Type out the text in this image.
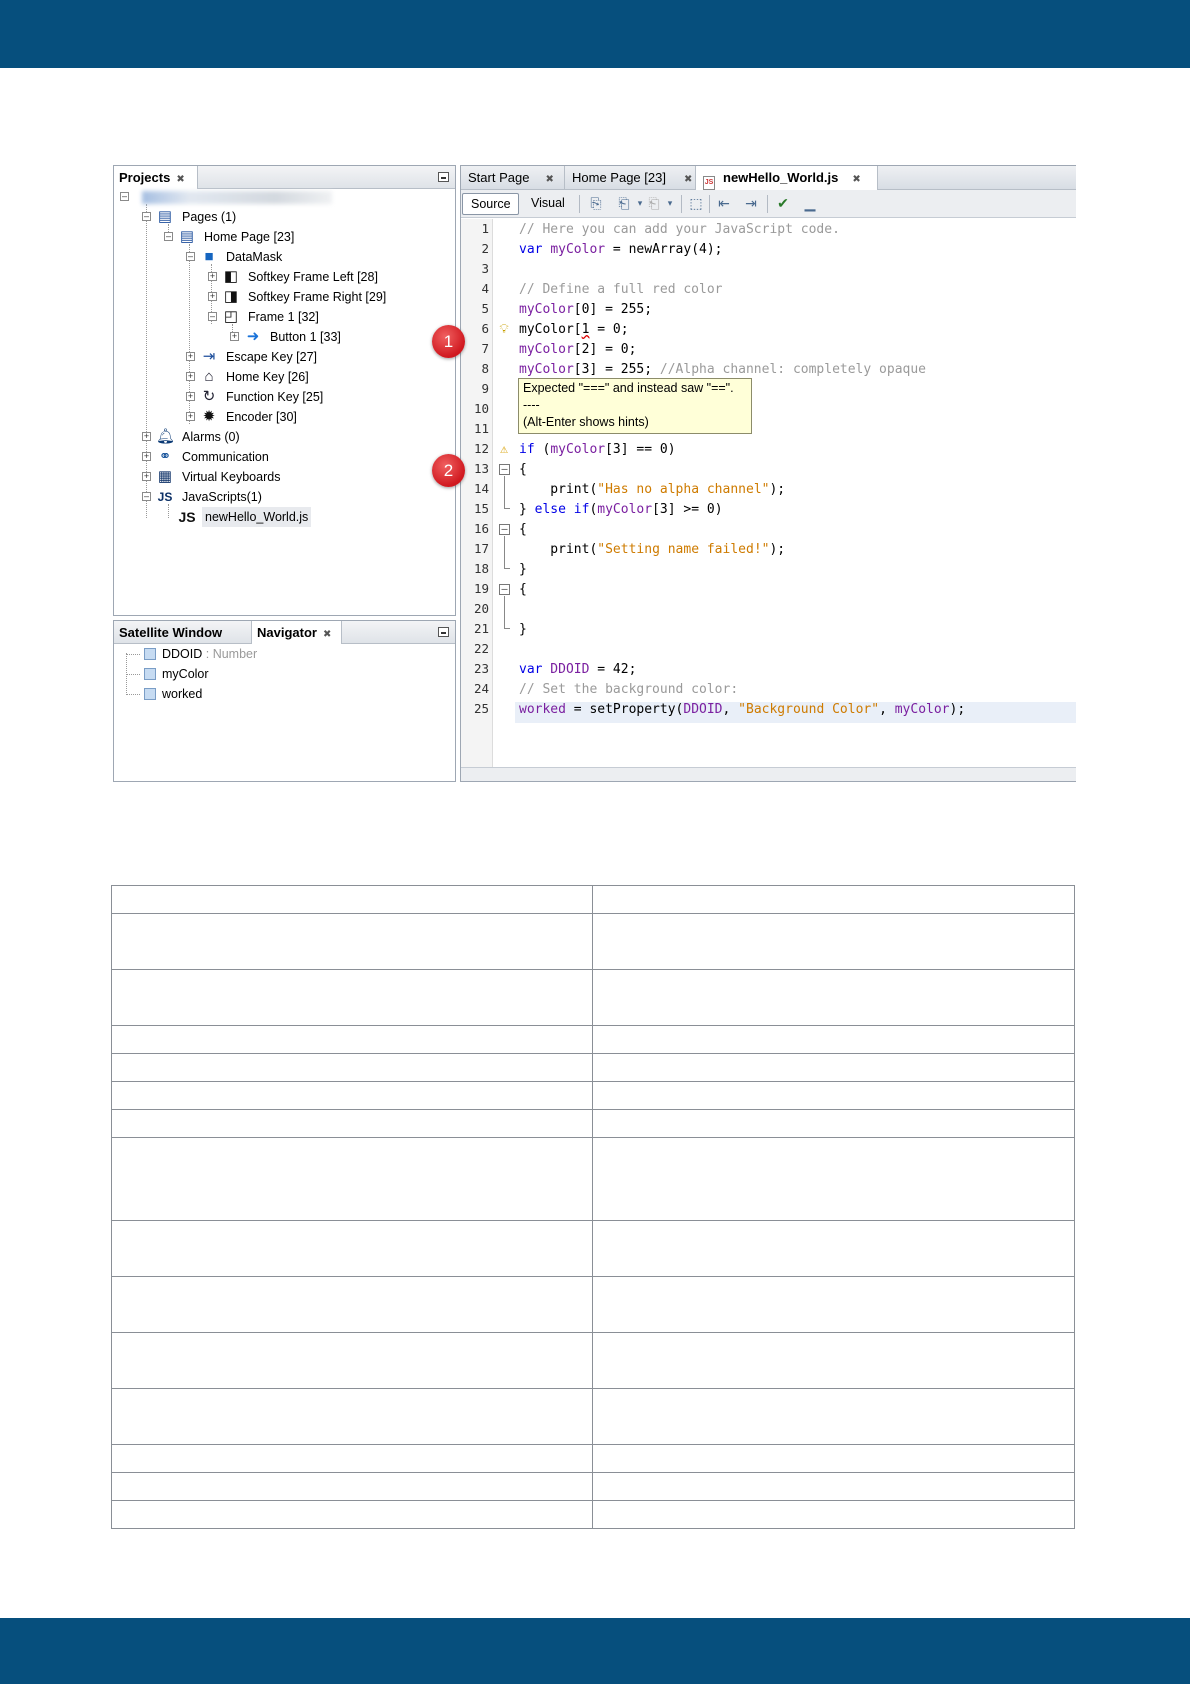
Projects ✖
–
– ▤ Pages (1)
– ▤ Home Page [23]
– ■ DataMask
+ ◧ Softkey Frame Left [28]
+ ◨ Softkey Frame Right [29]
– ◰ Frame 1 [32]
+ ➜ Button 1 [33]
+ ⇥ Escape Key [27]
+ ⌂ Home Key [26]
+ ↻ Function Key [25]
+ ✹ Encoder [30]
+ 🔔︎ Alarms (0)
+ ⚭ Communication
+ ▦ Virtual Keyboards
– JS JavaScripts(1)
JS newHello_World.js
Satellite Window	Navigator ✖
DDOID : Number
myColor
worked
Start Page ✖	Home Page [23] ✖	JS newHello_World.js ✖
Source	Visual	⎘ ⎗ ▾ ⎗ ▾	⬚ ⇤ ⇥ ✔ ▁
1
2
3
4
5
6
7
8
9
10
11
12
13
14
15
16
17
18
19
20
21
22
23
24
25
💡︎
⚠
–
–
–
// Here you can add your JavaScript code.
var myColor = newArray(4);
// Define a full red color
myColor[0] = 255;
myColor[1 = 0;
myColor[2] = 0;
myColor[3] = 255; //Alpha channel: completely opaque
if (myColor[3] == 0)
{
print("Has no alpha channel");
} else if(myColor[3] >= 0)
{
print("Setting name failed!");
}
{
}
var DDOID = 42;
// Set the background color:
worked = setProperty(DDOID, "Background Color", myColor);
Expected "===" and instead saw "==".
----
(Alt-Enter shows hints)
1
2
